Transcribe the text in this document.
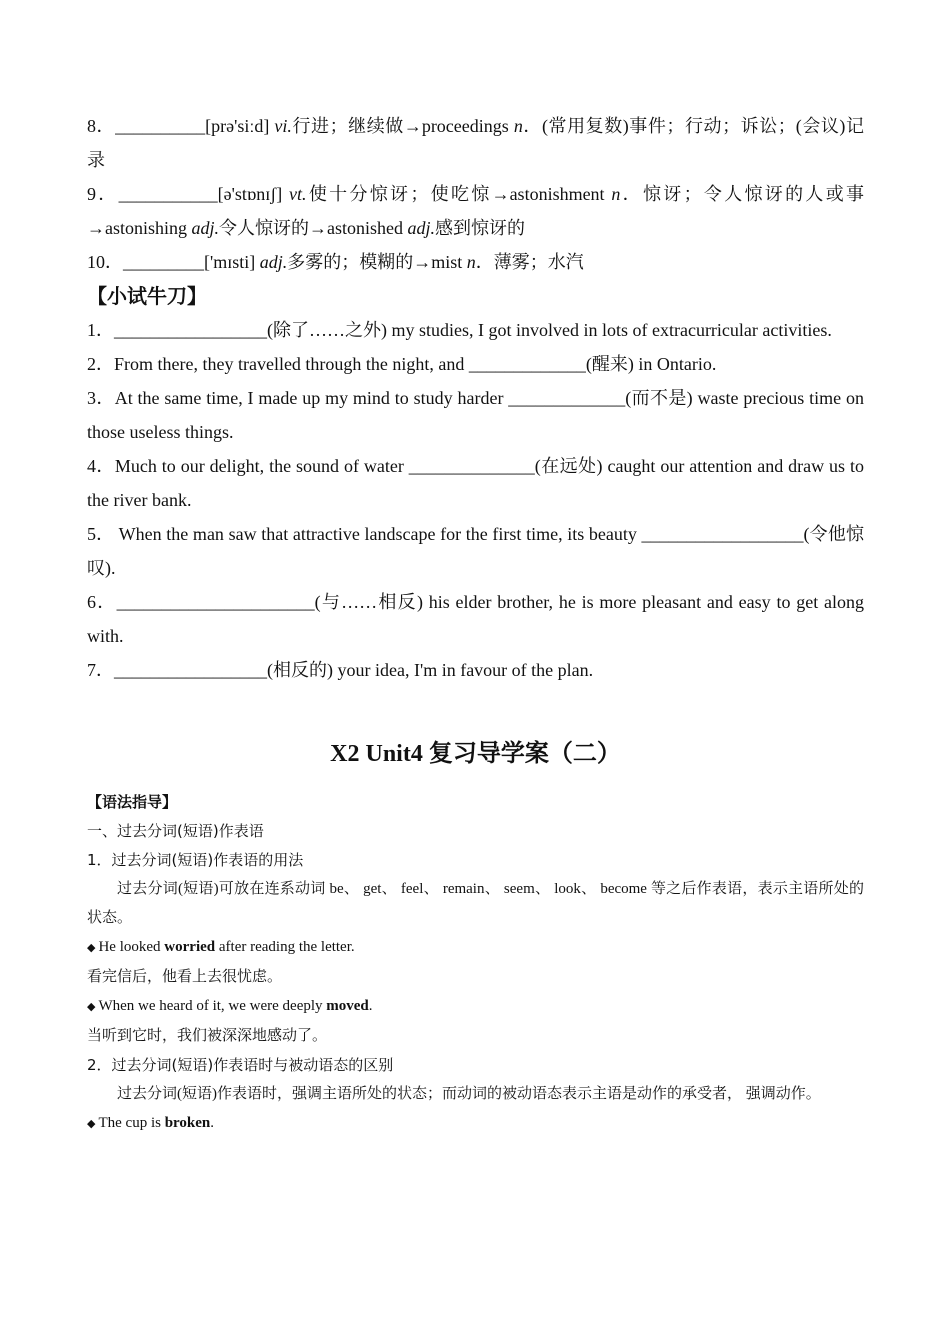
8．__________[prə'siːd] vi.行进；继续做→proceedings n．(常用复数)事件；行动；诉讼；(会议)记录

9．___________[ə'stɒnɪʃ] vt.使十分惊讶；使吃惊→astonishment n．惊讶；令人惊讶的人或事→astonishing adj.令人惊讶的→astonished adj.感到惊讶的

10．_________['mɪsti] adj.多雾的；模糊的→mist n．薄雾；水汽

【小试牛刀】

1．_________________(除了……之外) my studies, I got involved in lots of extracurricular activities.

2．From there, they travelled through the night, and _____________(醒来) in Ontario.

3．At the same time, I made up my mind to study harder _____________(而不是) waste precious time on those useless things.

4．Much to our delight, the sound of water ______________(在远处) caught our attention and draw us to the river bank.

5． When the man saw that attractive landscape for the first time, its beauty __________________(令他惊叹).

6．______________________(与……相反) his elder brother, he is more pleasant and easy to get along with.

7．_________________(相反的) your idea, I'm in favour of the plan.

X2 Unit4 复习导学案（二）

【语法指导】

一、过去分词(短语)作表语

1．过去分词(短语)作表语的用法

过去分词(短语)可放在连系动词 be、 get、 feel、 remain、 seem、 look、 become 等之后作表语，表示主语所处的状态。

◆ He looked worried after reading the letter.

看完信后，他看上去很忧虑。

◆ When we heard of it, we were deeply moved.

当听到它时，我们被深深地感动了。

2．过去分词(短语)作表语时与被动语态的区别

过去分词(短语)作表语时，强调主语所处的状态；而动词的被动语态表示主语是动作的承受者， 强调动作。

◆ The cup is broken.
